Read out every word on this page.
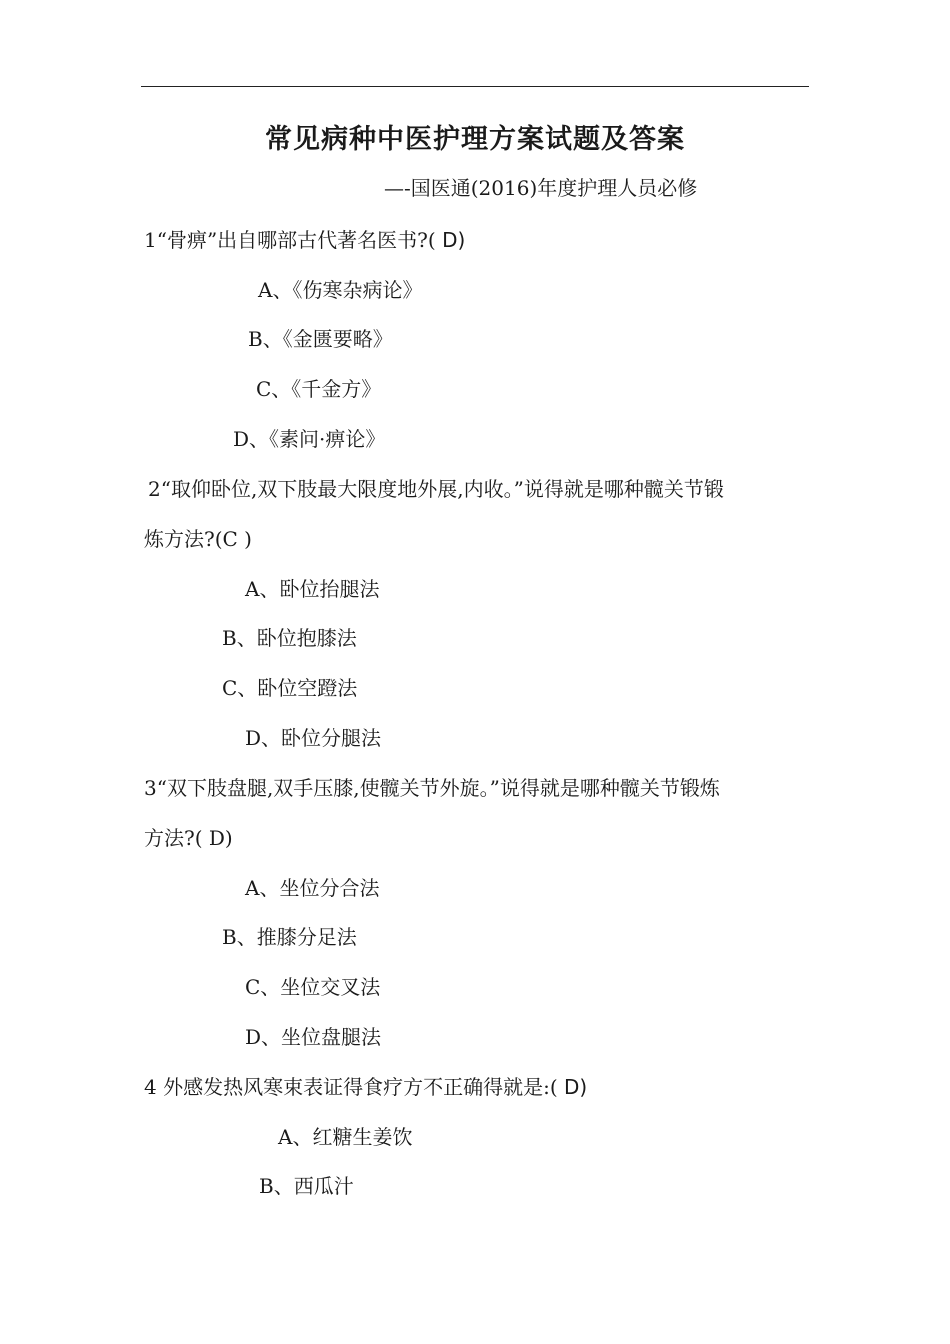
常见病种中医护理方案试题及答案
—-国医通(2016)年度护理人员必修
1“骨痹”出自哪部古代著名医书?( D)
A、《伤寒杂病论》
B、《金匮要略》
C、《千金方》
D、《素问·痹论》
2“取仰卧位,双下肢最大限度地外展,内收。”说得就是哪种髋关节锻
炼方法?(C )
A、卧位抬腿法
B、卧位抱膝法
C、卧位空蹬法
D、卧位分腿法
3“双下肢盘腿,双手压膝,使髋关节外旋。”说得就是哪种髋关节锻炼
方法?( D)
A、坐位分合法
B、推膝分足法
C、坐位交叉法
D、坐位盘腿法
4 外感发热风寒束表证得食疗方不正确得就是:( D)
A、红糖生姜饮
B、西瓜汁
